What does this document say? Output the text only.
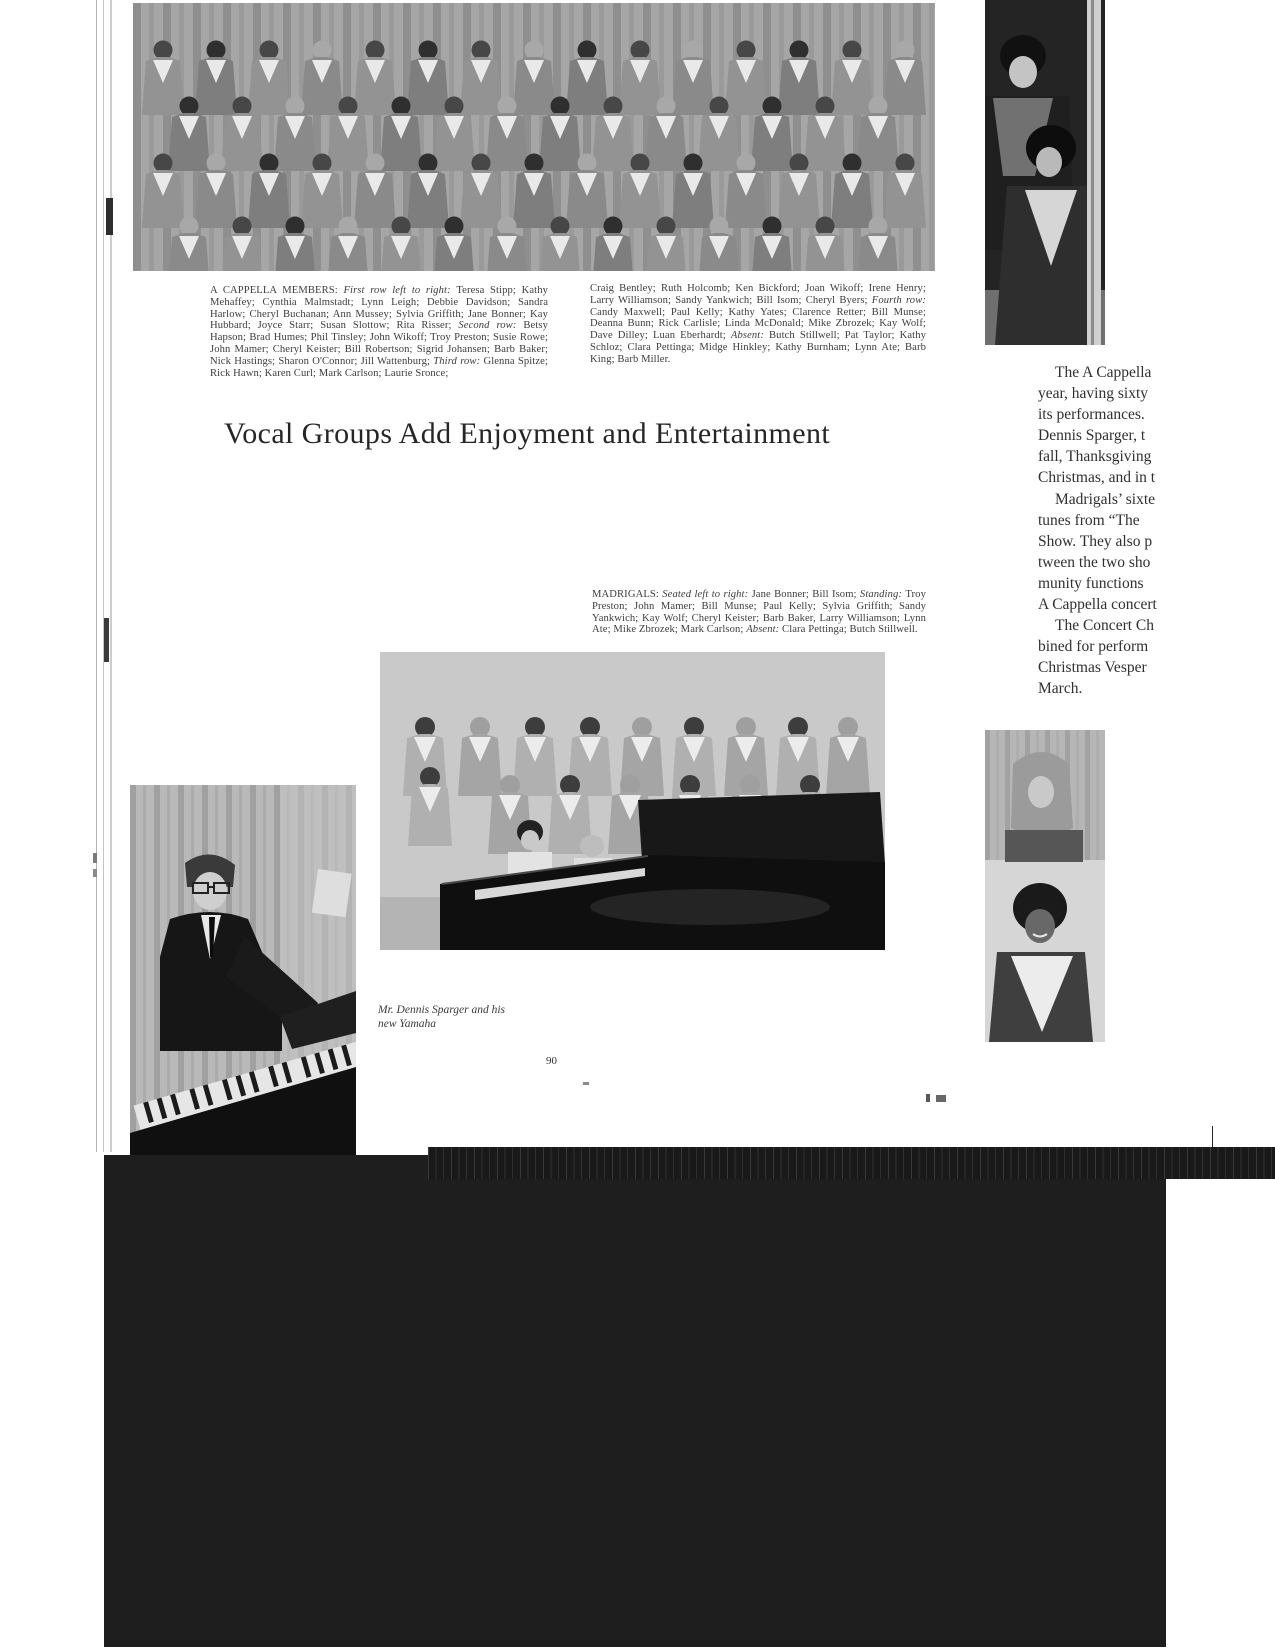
A CAPPELLA MEMBERS: First row left to right: Teresa Stipp; Kathy Mehaffey; Cynthia Malmstadt; Lynn Leigh; Debbie Davidson; Sandra Harlow; Cheryl Buchanan; Ann Mussey; Sylvia Griffith; Jane Bonner; Kay Hubbard; Joyce Starr; Susan Slottow; Rita Risser; Second row: Betsy Hapson; Brad Humes; Phil Tinsley; John Wikoff; Troy Preston; Susie Rowe; John Mamer; Cheryl Keister; Bill Robertson; Sigrid Johansen; Barb Baker; Nick Hastings; Sharon O'Connor; Jill Wattenburg; Third row: Glenna Spitze; Rick Hawn; Karen Curl; Mark Carlson; Laurie Sronce;

Craig Bentley; Ruth Holcomb; Ken Bickford; Joan Wikoff; Irene Henry; Larry Williamson; Sandy Yankwich; Bill Isom; Cheryl Byers; Fourth row: Candy Maxwell; Paul Kelly; Kathy Yates; Clarence Retter; Bill Munse; Deanna Bunn; Rick Carlisle; Linda McDonald; Mike Zbrozek; Kay Wolf; Dave Dilley; Luan Eberhardt; Absent: Butch Stillwell; Pat Taylor; Kathy Schloz; Clara Pettinga; Midge Hinkley; Kathy Burnham; Lynn Ate; Barb King; Barb Miller.

Vocal Groups Add Enjoyment and Entertainment
The A Cappella
year, having sixty
its performances.
Dennis Sparger, t
fall, Thanksgiving
Christmas, and in t
Madrigals’ sixte
tunes from “The
Show. They also p
tween the two sho
munity functions
A Cappella concert
The Concert Ch
bined for perform
Christmas Vesper
March.

MADRIGALS: Seated left to right: Jane Bonner; Bill Isom; Standing: Troy Preston; John Mamer; Bill Munse; Paul Kelly; Sylvia Griffith; Sandy Yankwich; Kay Wolf; Cheryl Keister; Barb Baker, Larry Williamson; Lynn Ate; Mike Zbrozek; Mark Carlson; Absent: Clara Pettinga; Butch Stillwell.

Mr. Dennis Sparger and his
new Yamaha

90
